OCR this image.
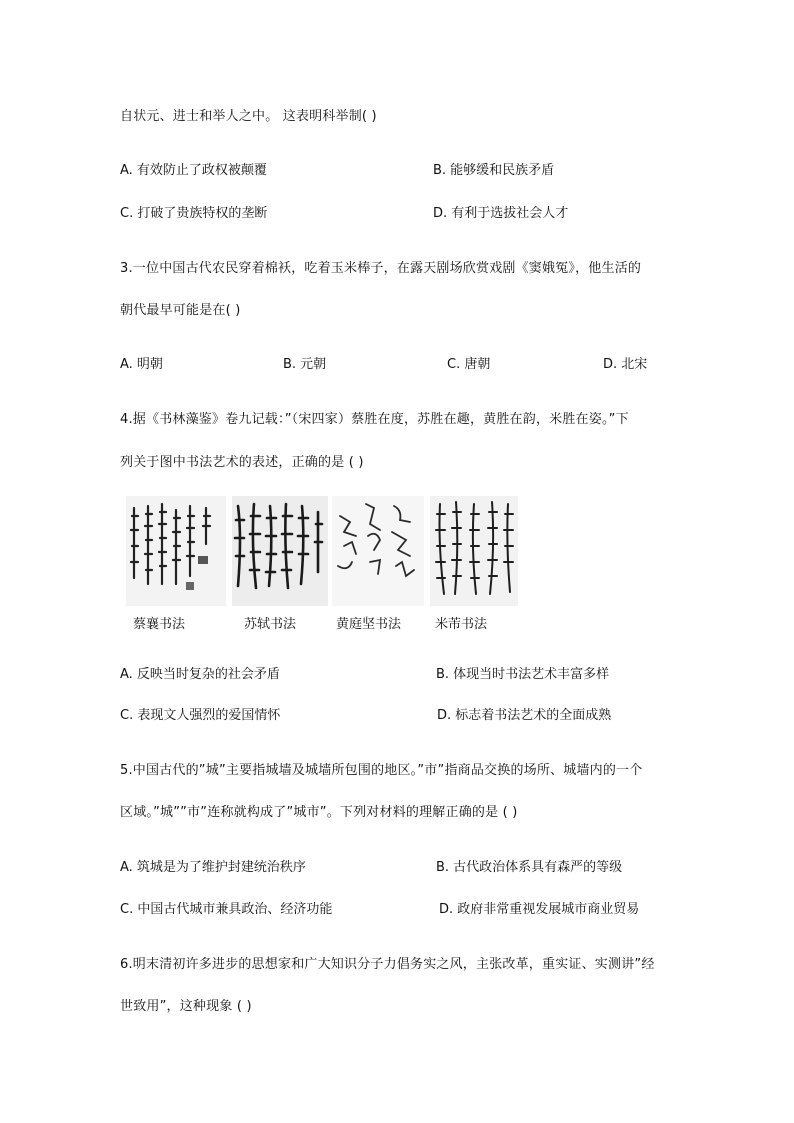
自状元、进士和举人之中。 这表明科举制( )
A. 有效防止了政权被颠覆	B. 能够缓和民族矛盾
C. 打破了贵族特权的垄断	D. 有利于选拔社会人才
3.一位中国古代农民穿着棉袄，吃着玉米棒子，在露天剧场欣赏戏剧《窦娥冤》，他生活的
朝代最早可能是在( )
A. 明朝	B. 元朝	C. 唐朝	D. 北宋
4.据《书林藻鉴》卷九记载：”（宋四家）蔡胜在度，苏胜在趣，黄胜在韵，米胜在姿。”下
列关于图中书法艺术的表述，正确的是 ( )
蔡襄书法	苏轼书法	黄庭坚书法	米芾书法
A. 反映当时复杂的社会矛盾	B. 体现当时书法艺术丰富多样
C. 表现文人强烈的爱国情怀	D. 标志着书法艺术的全面成熟
5.中国古代的”城”主要指城墙及城墙所包围的地区。”市”指商品交换的场所、城墙内的一个
区域。”城””市”连称就构成了”城市”。下列对材料的理解正确的是 ( )
A. 筑城是为了维护封建统治秩序	B. 古代政治体系具有森严的等级
C. 中国古代城市兼具政治、经济功能	D. 政府非常重视发展城市商业贸易
6.明末清初许多进步的思想家和广大知识分子力倡务实之风，主张改革，重实证、实测讲”经
世致用”，这种现象 ( )
